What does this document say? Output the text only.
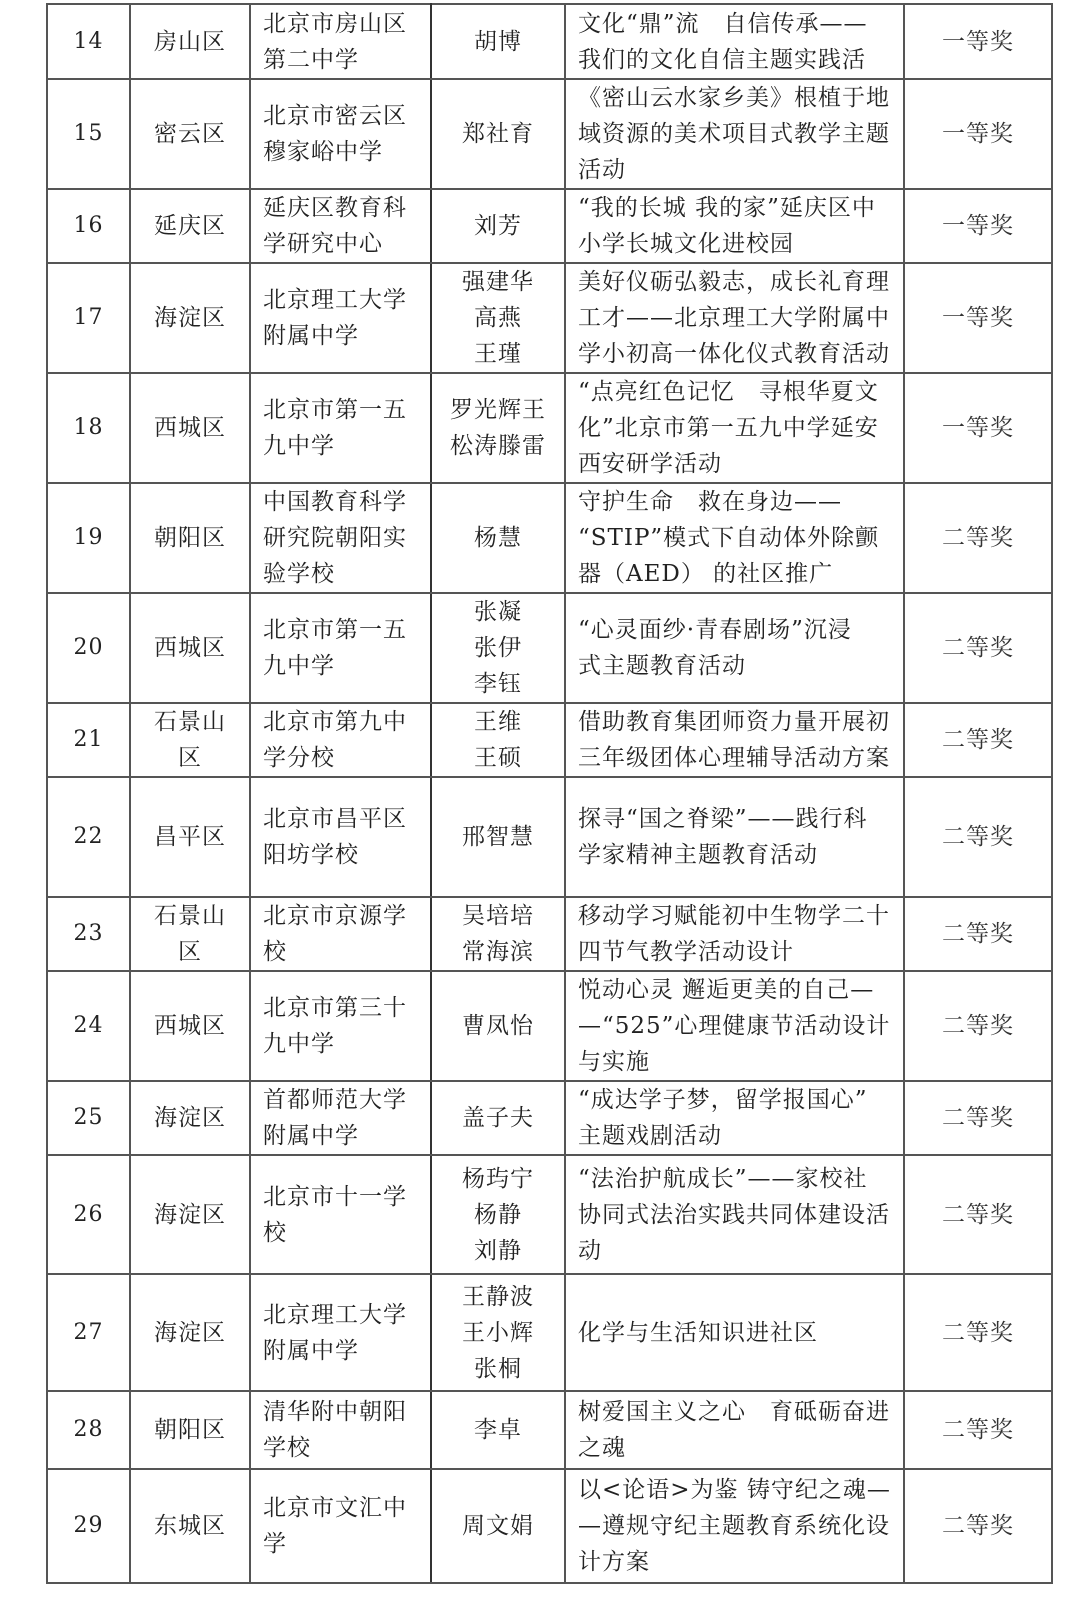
14	房山区	北京市房山区
第二中学	胡博	文化“鼎”流　自信传承——
我们的文化自信主题实践活	一等奖
15	密云区	北京市密云区
穆家峪中学	郑社育	《密山云水家乡美》根植于地
域资源的美术项目式教学主题
活动	一等奖
16	延庆区	延庆区教育科
学研究中心	刘芳	“我的长城 我的家”延庆区中
小学长城文化进校园	一等奖
17	海淀区	北京理工大学
附属中学	强建华
高燕
王瑾	美好仪砺弘毅志，成长礼育理
工才——北京理工大学附属中
学小初高一体化仪式教育活动	一等奖
18	西城区	北京市第一五
九中学	罗光辉王
松涛滕雷	“点亮红色记忆　寻根华夏文
化”北京市第一五九中学延安
西安研学活动	一等奖
19	朝阳区	中国教育科学
研究院朝阳实
验学校	杨慧	守护生命　救在身边——
“STIP”模式下自动体外除颤
器（AED） 的社区推广	二等奖
20	西城区	北京市第一五
九中学	张凝
张伊
李钰	“心灵面纱·青春剧场”沉浸
式主题教育活动	二等奖
21	石景山
区	北京市第九中
学分校	王维
王硕	借助教育集团师资力量开展初
三年级团体心理辅导活动方案	二等奖
22	昌平区	北京市昌平区
阳坊学校	邢智慧	探寻“国之脊梁”——践行科
学家精神主题教育活动	二等奖
23	石景山
区	北京市京源学
校	吴培培
常海滨	移动学习赋能初中生物学二十
四节气教学活动设计	二等奖
24	西城区	北京市第三十
九中学	曹凤怡	悦动心灵 邂逅更美的自己—
—“525”心理健康节活动设计
与实施	二等奖
25	海淀区	首都师范大学
附属中学	盖子夫	“成达学子梦，留学报国心”
主题戏剧活动	二等奖
26	海淀区	北京市十一学
校	杨玙宁
杨静
刘静	“法治护航成长”——家校社
协同式法治实践共同体建设活
动	二等奖
27	海淀区	北京理工大学
附属中学	王静波
王小辉
张桐	化学与生活知识进社区	二等奖
28	朝阳区	清华附中朝阳
学校	李卓	树爱国主义之心　育砥砺奋进
之魂	二等奖
29	东城区	北京市文汇中
学	周文娟	以<论语>为鉴 铸守纪之魂—
—遵规守纪主题教育系统化设
计方案	二等奖
